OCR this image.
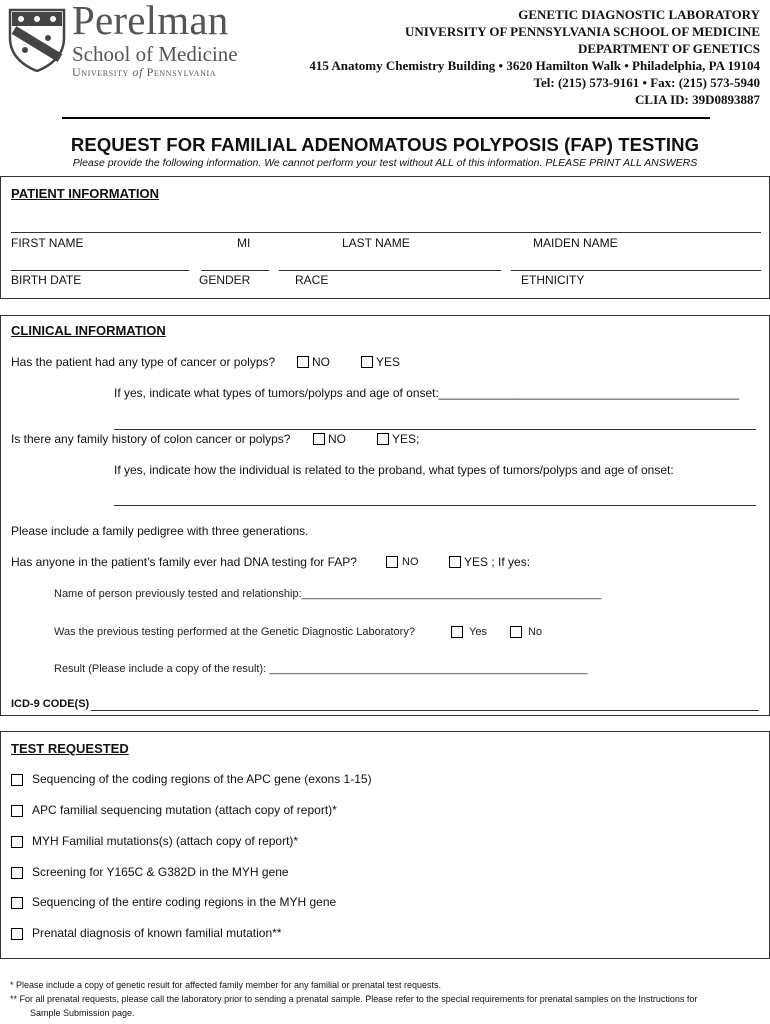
Perelman
School of Medicine
University of Pennsylvania
GENETIC DIAGNOSTIC LABORATORY
UNIVERSITY OF PENNSYLVANIA SCHOOL OF MEDICINE
DEPARTMENT OF GENETICS
415 Anatomy Chemistry Building • 3620 Hamilton Walk • Philadelphia, PA 19104
Tel: (215) 573-9161 • Fax: (215) 573-5940
CLIA ID: 39D0893887
REQUEST FOR FAMILIAL ADENOMATOUS POLYPOSIS (FAP) TESTING
Please provide the following information. We cannot perform your test without ALL of this information. PLEASE PRINT ALL ANSWERS
PATIENT INFORMATION
FIRST NAME	MI	LAST NAME	MAIDEN NAME
BIRTH DATE	GENDER	RACE	ETHNICITY
CLINICAL INFORMATION
Has the patient had any type of cancer or polyps?	NO	YES
If yes, indicate what types of tumors/polyps and age of onset:_____________________________________________
Is there any family history of colon cancer or polyps?	NO	YES;
If yes, indicate how the individual is related to the proband, what types of tumors/polyps and age of onset:
Please include a family pedigree with three generations.
Has anyone in the patient’s family ever had DNA testing for FAP?	NO	YES ; If yes:
Name of person previously tested and relationship:_________________________________________________
Was the previous testing performed at the Genetic Diagnostic Laboratory?	Yes	No
Result (Please include a copy of the result): ____________________________________________________
ICD-9 CODE(S)
TEST REQUESTED
Sequencing of the coding regions of the APC gene (exons 1-15)
APC familial sequencing mutation (attach copy of report)*
MYH Familial mutations(s) (attach copy of report)*
Screening for Y165C & G382D in the MYH gene
Sequencing of the entire coding regions in the MYH gene
Prenatal diagnosis of known familial mutation**
* Please include a copy of genetic result for affected family member for any familial or prenatal test requests.
** For all prenatal requests, please call the laboratory prior to sending a prenatal sample. Please refer to the special requirements for prenatal samples on the Instructions for
Sample Submission page.
